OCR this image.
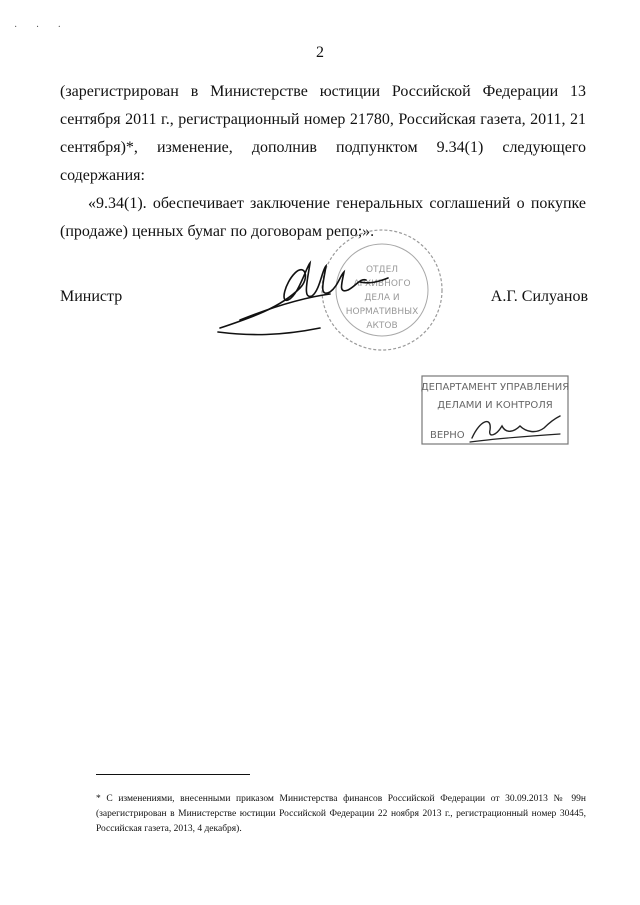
· · ·
2

(зарегистрирован в Министерстве юстиции Российской Федерации 13 сентября 2011 г., регистрационный номер 21780, Российская газета, 2011, 21 сентября)*, изменение, дополнив подпунктом 9.34(1) следующего содержания:

«9.34(1). обеспечивает заключение генеральных соглашений о покупке (продаже) ценных бумаг по договорам репо;».

Министр	А.Г. Силуанов
ОТДЕЛ
АРХИВНОГО
ДЕЛА И
НОРМАТИВНЫХ
АКТОВ
ДЕПАРТАМЕНТ УПРАВЛЕНИЯ
ДЕЛАМИ И КОНТРОЛЯ
ВЕРНО
* С изменениями, внесенными приказом Министерства финансов Российской Федерации от 30.09.2013 № 99н (зарегистрирован в Министерстве юстиции Российской Федерации 22 ноября 2013 г., регистрационный номер 30445, Российская газета, 2013, 4 декабря).
